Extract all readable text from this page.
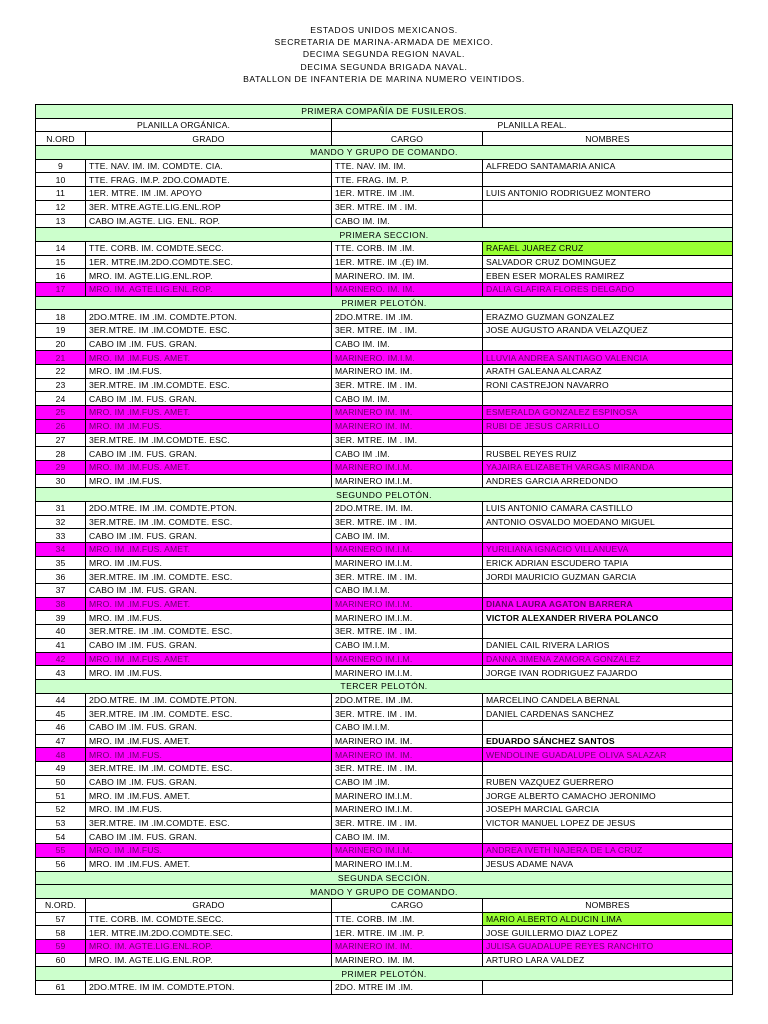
ESTADOS UNIDOS MEXICANOS.
SECRETARIA DE MARINA-ARMADA DE MEXICO.
DECIMA SEGUNDA REGION NAVAL.
DECIMA SEGUNDA BRIGADA NAVAL.
BATALLON DE INFANTERIA DE MARINA NUMERO VEINTIDOS.
PRIMERA COMPAÑÍA DE FUSILEROS.			
PLANILLA ORGÁNICA.		PLANILLA REAL.	
N.ORD	GRADO	CARGO	NOMBRES
MANDO Y GRUPO DE COMANDO.			
9	TTE. NAV. IM. IM. COMDTE. CIA.	TTE. NAV. IM. IM.	ALFREDO SANTAMARIA ANICA
10	TTE. FRAG. IM.P. 2DO.COMADTE.	TTE. FRAG. IM. P.	
11	1ER. MTRE. IM .IM. APOYO	1ER. MTRE. IM .IM.	LUIS ANTONIO RODRIGUEZ MONTERO
12	3ER. MTRE.AGTE.LIG.ENL.ROP	3ER. MTRE. IM . IM.	
13	CABO IM.AGTE. LIG. ENL. ROP.	CABO IM. IM.	
PRIMERA SECCION.			
14	TTE. CORB. IM. COMDTE.SECC.	TTE. CORB. IM .IM.	RAFAEL JUAREZ CRUZ
15	1ER. MTRE.IM.2DO.COMDTE.SEC.	1ER. MTRE. IM .(E) IM.	SALVADOR CRUZ DOMINGUEZ
16	MRO. IM. AGTE.LIG.ENL.ROP.	MARINERO. IM. IM.	EBEN ESER MORALES RAMIREZ
17	MRO. IM. AGTE.LIG.ENL.ROP.	MARINERO. IM. IM.	DALIA GLAFIRA FLORES DELGADO
PRIMER PELOTÓN.			
18	2DO.MTRE. IM .IM. COMDTE.PTON.	2DO.MTRE. IM .IM.	ERAZMO GUZMAN GONZALEZ
19	3ER.MTRE. IM .IM.COMDTE. ESC.	3ER. MTRE. IM . IM.	JOSE AUGUSTO ARANDA VELAZQUEZ
20	CABO IM .IM. FUS. GRAN.	CABO IM. IM.	
21	MRO. IM .IM.FUS. AMET.	MARINERO. IM.I.M.	LLUVIA ANDREA SANTIAGO VALENCIA
22	MRO. IM .IM.FUS.	MARINERO IM. IM.	ARATH GALEANA ALCARAZ
23	3ER.MTRE. IM .IM.COMDTE. ESC.	3ER. MTRE. IM . IM.	RONI CASTREJON NAVARRO
24	CABO IM .IM. FUS. GRAN.	CABO IM. IM.	
25	MRO. IM .IM.FUS. AMET.	MARINERO IM. IM.	ESMERALDA GONZALEZ ESPINOSA
26	MRO. IM .IM.FUS.	MARINERO IM. IM.	RUBI DE JESUS CARRILLO
27	3ER.MTRE. IM .IM.COMDTE. ESC.	3ER. MTRE. IM . IM.	
28	CABO IM .IM. FUS. GRAN.	CABO IM .IM.	RUSBEL REYES RUIZ
29	MRO. IM .IM.FUS. AMET.	MARINERO IM.I.M.	YAJAIRA ELIZABETH VARGAS MIRANDA
30	MRO. IM .IM.FUS.	MARINERO IM.I.M.	ANDRES GARCIA ARREDONDO
SEGUNDO PELOTÓN.			
31	2DO.MTRE. IM .IM. COMDTE.PTON.	2DO.MTRE. IM. IM.	LUIS ANTONIO CAMARA CASTILLO
32	3ER.MTRE. IM .IM. COMDTE. ESC.	3ER. MTRE. IM . IM.	ANTONIO OSVALDO MOEDANO MIGUEL
33	CABO IM .IM. FUS. GRAN.	CABO IM. IM.	
34	MRO. IM .IM.FUS. AMET.	MARINERO IM.I.M.	YURILIANA IGNACIO VILLANUEVA
35	MRO. IM .IM.FUS.	MARINERO IM.I.M.	ERICK ADRIAN ESCUDERO TAPIA
36	3ER.MTRE. IM .IM. COMDTE. ESC.	3ER. MTRE. IM . IM.	JORDI MAURICIO GUZMAN GARCIA
37	CABO IM .IM. FUS. GRAN.	CABO IM.I.M.	
38	MRO. IM .IM.FUS. AMET.	MARINERO IM.I.M.	DIANA LAURA AGATON BARRERA
39	MRO. IM .IM.FUS.	MARINERO IM.I.M.	VICTOR ALEXANDER RIVERA POLANCO
40	3ER.MTRE. IM .IM. COMDTE. ESC.	3ER. MTRE. IM . IM.	
41	CABO IM .IM. FUS. GRAN.	CABO IM.I.M.	DANIEL CAIL RIVERA LARIOS
42	MRO. IM .IM.FUS. AMET.	MARINERO IM.I.M.	DANNA JIMENA ZAMORA GONZALEZ
43	MRO. IM .IM.FUS.	MARINERO IM.I.M.	JORGE IVAN RODRIGUEZ FAJARDO
TERCER PELOTÓN.			
44	2DO.MTRE. IM .IM. COMDTE.PTON.	2DO.MTRE. IM .IM.	MARCELINO CANDELA BERNAL
45	3ER.MTRE. IM .IM. COMDTE. ESC.	3ER. MTRE. IM . IM.	DANIEL CARDENAS SANCHEZ
46	CABO IM .IM. FUS. GRAN.	CABO IM.I.M.	
47	MRO. IM .IM.FUS. AMET.	MARINERO IM. IM.	EDUARDO SÁNCHEZ SANTOS
48	MRO. IM .IM.FUS.	MARINERO IM. IM.	WENDOLINE GUADALUPE OLIVA SALAZAR
49	3ER.MTRE. IM .IM. COMDTE. ESC.	3ER. MTRE. IM . IM.	
50	CABO IM .IM. FUS. GRAN.	CABO IM .IM.	RUBEN VAZQUEZ GUERRERO
51	MRO. IM .IM.FUS. AMET.	MARINERO IM.I.M.	JORGE ALBERTO CAMACHO JERONIMO
52	MRO. IM .IM.FUS.	MARINERO IM.I.M.	JOSEPH MARCIAL GARCIA
53	3ER.MTRE. IM .IM.COMDTE. ESC.	3ER. MTRE. IM . IM.	VICTOR MANUEL LOPEZ DE JESUS
54	CABO IM .IM. FUS. GRAN.	CABO IM. IM.	
55	MRO. IM .IM.FUS.	MARINERO IM.I.M.	ANDREA IVETH NAJERA DE LA CRUZ
56	MRO. IM .IM.FUS. AMET.	MARINERO IM.I.M.	JESUS ADAME NAVA
SEGUNDA SECCIÓN.			
MANDO Y GRUPO DE COMANDO.			
N.ORD.	GRADO	CARGO	NOMBRES
57	TTE. CORB. IM. COMDTE.SECC.	TTE. CORB. IM .IM.	MARIO ALBERTO ALDUCIN LIMA
58	1ER. MTRE.IM.2DO.COMDTE.SEC.	1ER. MTRE. IM .IM. P.	JOSE GUILLERMO DIAZ LOPEZ
59	MRO. IM. AGTE.LIG.ENL.ROP.	MARINERO IM. IM.	JULISA GUADALUPE REYES RANCHITO
60	MRO. IM. AGTE.LIG.ENL.ROP.	MARINERO. IM. IM.	ARTURO LARA VALDEZ
PRIMER PELOTÓN.			
61	2DO.MTRE. IM IM. COMDTE.PTON.	2DO. MTRE IM .IM.	
